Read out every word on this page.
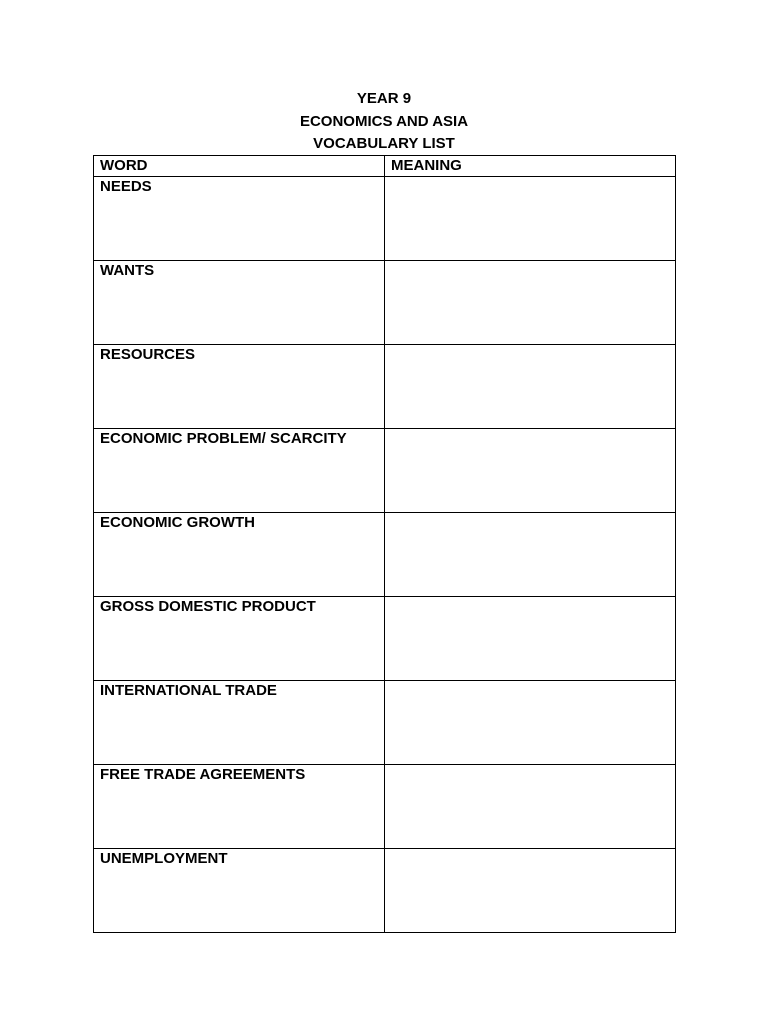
YEAR 9
ECONOMICS AND ASIA
VOCABULARY LIST
WORD	MEANING
NEEDS	
WANTS	
RESOURCES	
ECONOMIC PROBLEM/ SCARCITY	
ECONOMIC GROWTH	
GROSS DOMESTIC PRODUCT	
INTERNATIONAL TRADE	
FREE TRADE AGREEMENTS	
UNEMPLOYMENT	
